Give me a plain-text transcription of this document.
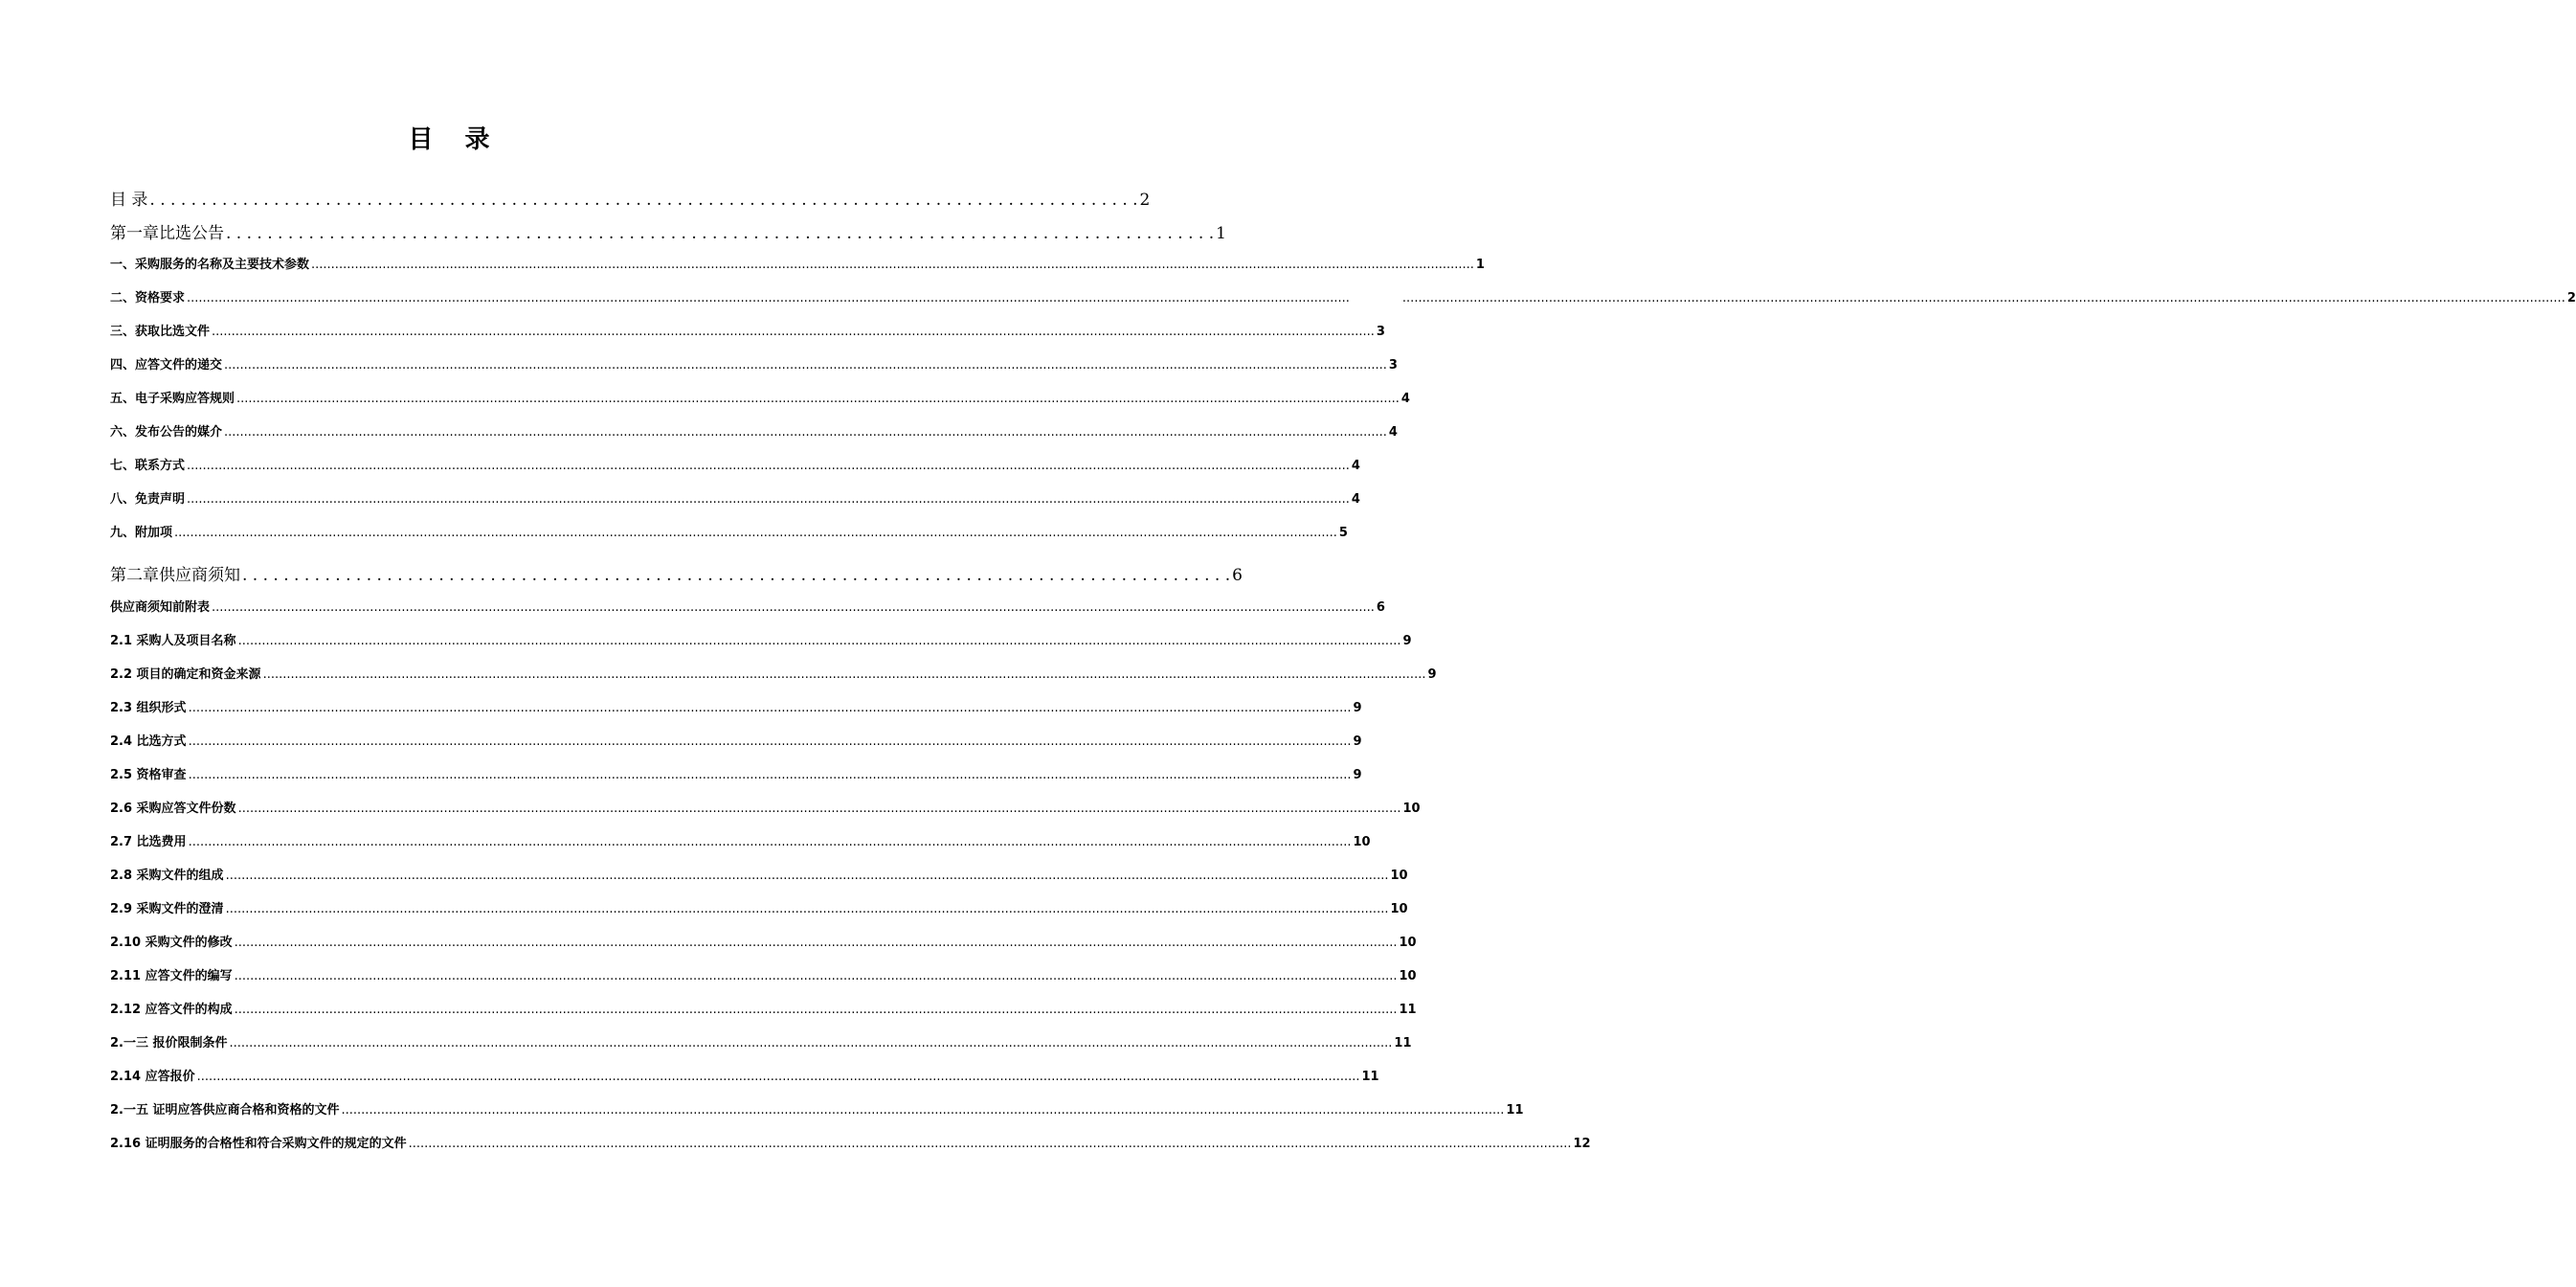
目 录
目 录 . . .	2
第一章 比选公告 . . .	1
一、采购服务的名称及主要技术参数 .....	1
二、资格要求 ..... .....	2
三、获取比选文件 .....	3
四、应答文件的递交 .....	3
五、电子采购应答规则 .....	4
六、发布公告的媒介 .....	4
七、联系方式 .....	4
八、免责声明 .....	4
九、附加项 .....	5
第二章 供应商须知 . . .	6
供应商须知前附表 .....	6
2.1 采购人及项目名称 .....	9
2.2 项目的确定和资金来源 .....	9
2.3 组织形式 .....	9
2.4 比选方式 .....	9
2.5 资格审查 .....	9
2.6 采购应答文件份数 .....	10
2.7 比选费用 .....	10
2.8 采购文件的组成 .....	10
2.9 采购文件的澄清 .....	10
2.10 采购文件的修改 .....	10
2.11 应答文件的编写 .....	10
2.12 应答文件的构成 .....	11
2.一三 报价限制条件 .....	11
2.14 应答报价 .....	11
2.一五 证明应答供应商合格和资格的文件 .....	11
2.16 证明服务的合格性和符合采购文件的规定的文件 .....	12
